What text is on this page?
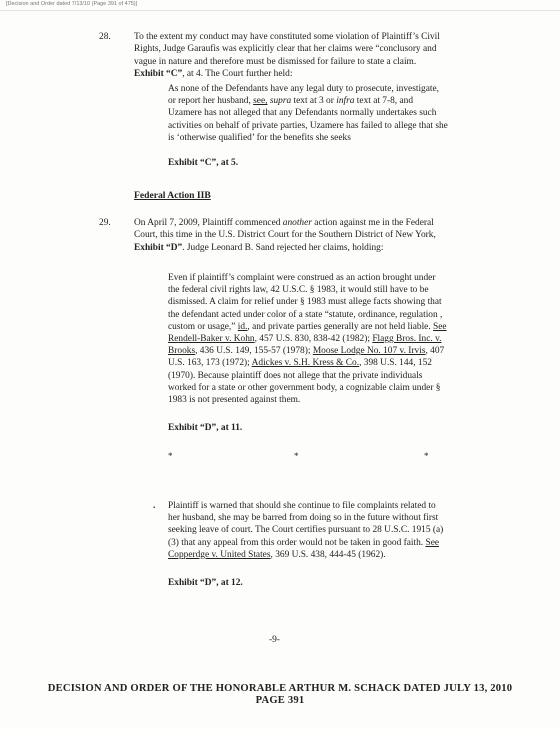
[Decision and Order dated 7/13/10 (Page 391 of 475)]
28. To the extent my conduct may have constituted some violation of Plaintiff’s Civil
Rights, Judge Garaufis was explicitly clear that her claims were “conclusory and
vague in nature and therefore must be dismissed for failure to state a claim.
Exhibit “C”, at 4. The Court further held:
As none of the Defendants have any legal duty to prosecute, investigate,
or report her husband, see, supra text at 3 or infra text at 7-8, and
Uzamere has not alleged that any Defendants normally undertakes such
activities on behalf of private parties, Uzamere has failed to allege that she
is ‘otherwise qualified’ for the benefits she seeks
Exhibit “C”, at 5.
Federal Action IIB
29. On April 7, 2009, Plaintiff commenced another action against me in the Federal
Court, this time in the U.S. District Court for the Southern District of New York,
Exhibit “D”. Judge Leonard B. Sand rejected her claims, holding:
Even if plaintiff’s complaint were construed as an action brought under
the federal civil rights law, 42 U.S.C. § 1983, it would still have to be
dismissed. A claim for relief under § 1983 must allege facts showing that
the defendant acted under color of a state “statute, ordinance, regulation ,
custom or usage,” id., and private parties generally are not held liable. See
Rendell-Baker v. Kohn, 457 U.S. 830, 838-42 (1982); Flagg Bros. Inc. v.
Brooks, 436 U.S. 149, 155-57 (1978); Moose Lodge No. 107 v. Irvis, 407
U.S. 163, 173 (1972); Adickes v. S.H. Kress & Co., 398 U.S. 144, 152
(1970). Because plaintiff does not allege that the private individuals
worked for a state or other government body, a cognizable claim under §
1983 is not presented against them.
Exhibit “D”, at 11.
*	*	*
. Plaintiff is warned that should she continue to file complaints related to
her husband, she may be barred from doing so in the future without first
seeking leave of court. The Court certifies pursuant to 28 U.S.C. 1915 (a)
(3) that any appeal from this order would not be taken in good faith. See
Copperdge v. United States, 369 U.S. 438, 444-45 (1962).
Exhibit “D”, at 12.
-9-
DECISION AND ORDER OF THE HONORABLE ARTHUR M. SCHACK DATED JULY 13, 2010
PAGE 391
